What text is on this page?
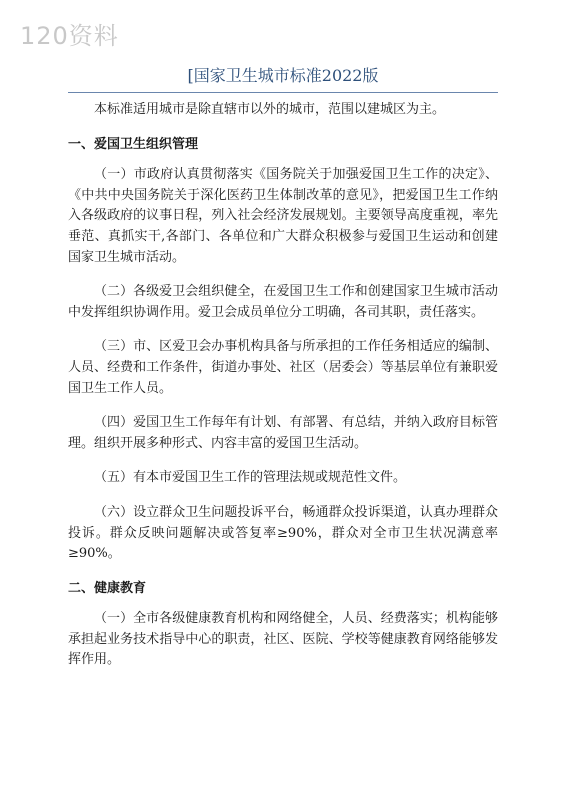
120资料
[国家卫生城市标准2022版

本标准适用城市是除直辖市以外的城市，范围以建城区为主。

一、爱国卫生组织管理

（一）市政府认真贯彻落实《国务院关于加强爱国卫生工作的决定》、《中共中央国务院关于深化医药卫生体制改革的意见》，把爱国卫生工作纳入各级政府的议事日程，列入社会经济发展规划。主要领导高度重视，率先垂范、真抓实干,各部门、各单位和广大群众积极参与爱国卫生运动和创建国家卫生城市活动。

（二）各级爱卫会组织健全，在爱国卫生工作和创建国家卫生城市活动中发挥组织协调作用。爱卫会成员单位分工明确，各司其职，责任落实。

（三）市、区爱卫会办事机构具备与所承担的工作任务相适应的编制、人员、经费和工作条件，街道办事处、社区（居委会）等基层单位有兼职爱国卫生工作人员。

（四）爱国卫生工作每年有计划、有部署、有总结，并纳入政府目标管理。组织开展多种形式、内容丰富的爱国卫生活动。

（五）有本市爱国卫生工作的管理法规或规范性文件。

（六）设立群众卫生问题投诉平台，畅通群众投诉渠道，认真办理群众投诉。群众反映问题解决或答复率≥90%，群众对全市卫生状况满意率≥90%。

二、健康教育

（一）全市各级健康教育机构和网络健全，人员、经费落实；机构能够承担起业务技术指导中心的职责，社区、医院、学校等健康教育网络能够发挥作用。
